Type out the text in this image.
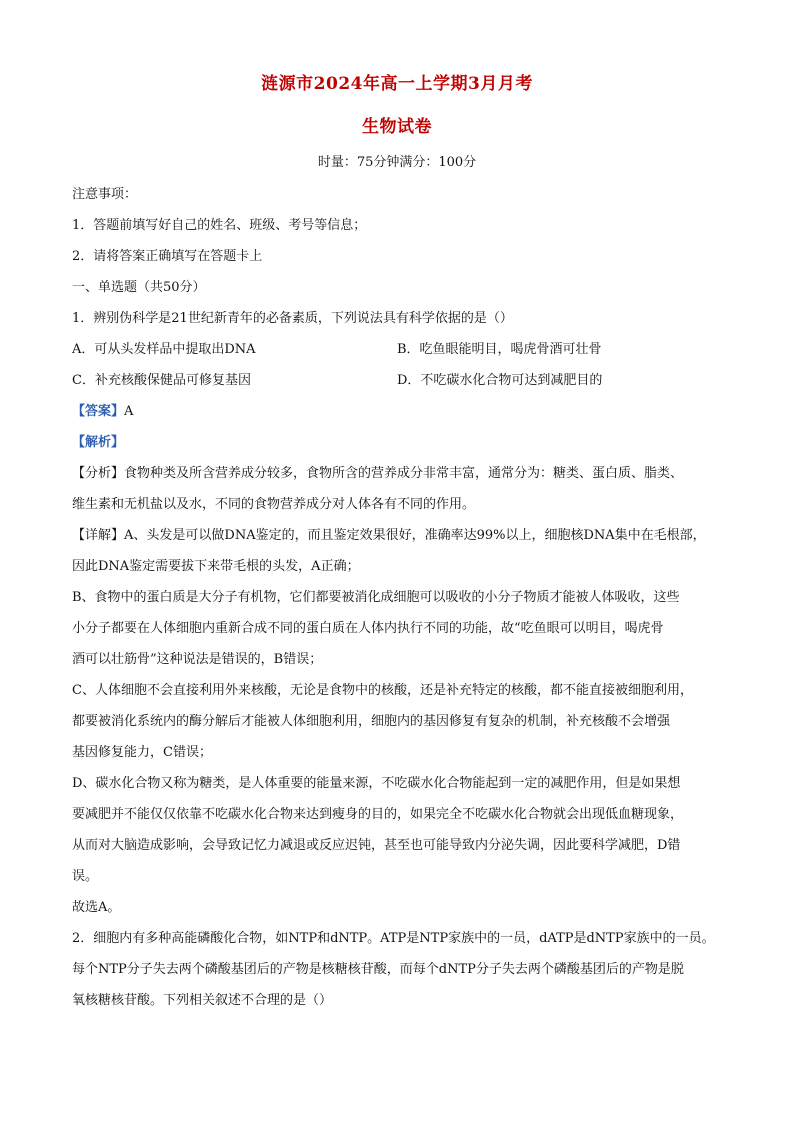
涟源市2024年高一上学期3月月考
生物试卷
时量：75分钟满分：100分

注意事项：

1．答题前填写好自己的姓名、班级、考号等信息；

2．请将答案正确填写在答题卡上

一、单选题（共50分）

1．辨别伪科学是21世纪新青年的必备素质，下列说法具有科学依据的是（）

A．可从头发样品中提取出DNA	B．吃鱼眼能明目，喝虎骨酒可壮骨
C．补充核酸保健品可修复基因	D．不吃碳水化合物可达到减肥目的

【答案】A

【解析】

【分析】食物种类及所含营养成分较多，食物所含的营养成分非常丰富，通常分为：糖类、蛋白质、脂类、

维生素和无机盐以及水，不同的食物营养成分对人体各有不同的作用。

【详解】A、头发是可以做DNA鉴定的，而且鉴定效果很好，准确率达99%以上，细胞核DNA集中在毛根部，

因此DNA鉴定需要拔下来带毛根的头发，A正确；

B、食物中的蛋白质是大分子有机物，它们都要被消化成细胞可以吸收的小分子物质才能被人体吸收，这些

小分子都要在人体细胞内重新合成不同的蛋白质在人体内执行不同的功能，故“吃鱼眼可以明目，喝虎骨

酒可以壮筋骨”这种说法是错误的，B错误；

C、人体细胞不会直接利用外来核酸，无论是食物中的核酸，还是补充特定的核酸，都不能直接被细胞利用，

都要被消化系统内的酶分解后才能被人体细胞利用，细胞内的基因修复有复杂的机制，补充核酸不会增强

基因修复能力，C错误；

D、碳水化合物又称为糖类，是人体重要的能量来源，不吃碳水化合物能起到一定的减肥作用，但是如果想

要减肥并不能仅仅依靠不吃碳水化合物来达到瘦身的目的，如果完全不吃碳水化合物就会出现低血糖现象，

从而对大脑造成影响，会导致记忆力减退或反应迟钝，甚至也可能导致内分泌失调，因此要科学减肥，D错

误。

故选A。

2．细胞内有多种高能磷酸化合物，如NTP和dNTP。ATP是NTP家族中的一员，dATP是dNTP家族中的一员。

每个NTP分子失去两个磷酸基团后的产物是核糖核苷酸，而每个dNTP分子失去两个磷酸基团后的产物是脱

氧核糖核苷酸。下列相关叙述不合理的是（）
